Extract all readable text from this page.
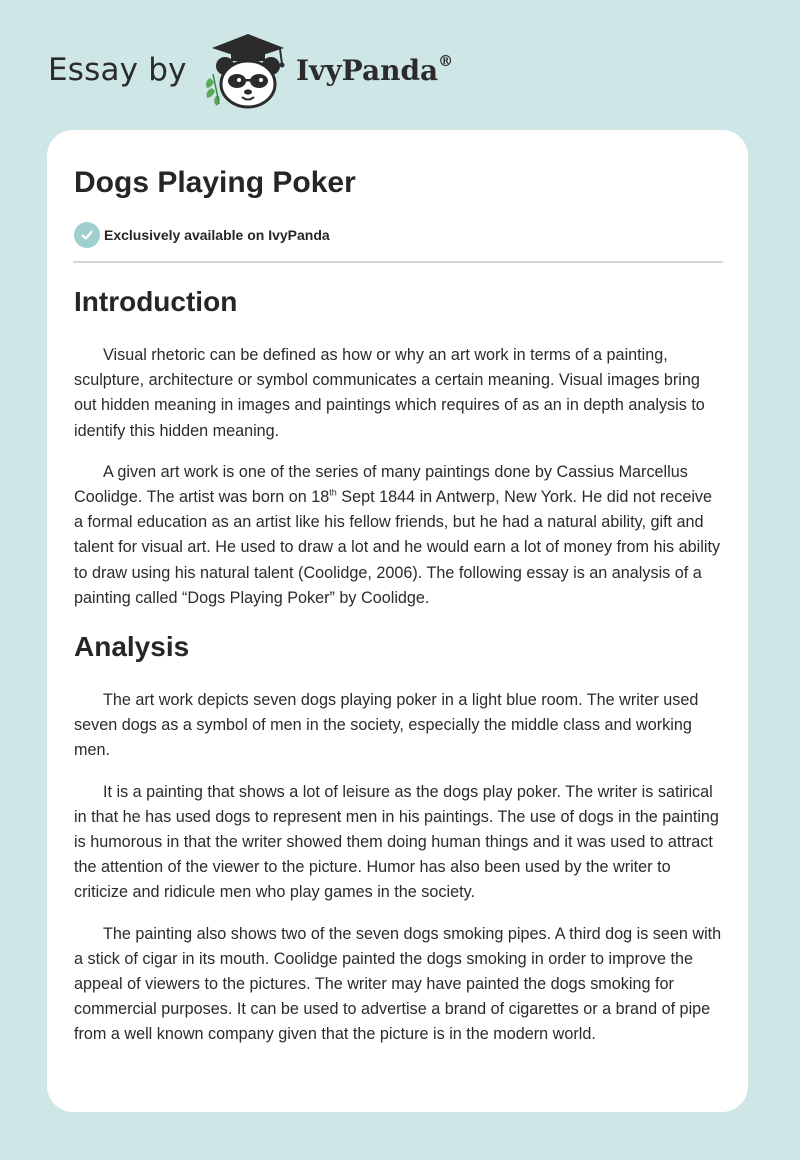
Essay by	IvyPanda®
Dogs Playing Poker
Exclusively available on IvyPanda
Introduction

Visual rhetoric can be defined as how or why an art work in terms of a painting, sculpture, architecture or symbol communicates a certain meaning. Visual images bring out hidden meaning in images and paintings which requires of as an in depth analysis to identify this hidden meaning.

A given art work is one of the series of many paintings done by Cassius Marcellus Coolidge. The artist was born on 18th Sept 1844 in Antwerp, New York. He did not receive a formal education as an artist like his fellow friends, but he had a natural ability, gift and talent for visual art. He used to draw a lot and he would earn a lot of money from his ability to draw using his natural talent (Coolidge, 2006). The following essay is an analysis of a painting called “Dogs Playing Poker” by Coolidge.

Analysis

The art work depicts seven dogs playing poker in a light blue room. The writer used seven dogs as a symbol of men in the society, especially the middle class and working men.

It is a painting that shows a lot of leisure as the dogs play poker. The writer is satirical in that he has used dogs to represent men in his paintings. The use of dogs in the painting is humorous in that the writer showed them doing human things and it was used to attract the attention of the viewer to the picture. Humor has also been used by the writer to criticize and ridicule men who play games in the society.

The painting also shows two of the seven dogs smoking pipes. A third dog is seen with a stick of cigar in its mouth. Coolidge painted the dogs smoking in order to improve the appeal of viewers to the pictures. The writer may have painted the dogs smoking for commercial purposes. It can be used to advertise a brand of cigarettes or a brand of pipe from a well known company given that the picture is in the modern world.
